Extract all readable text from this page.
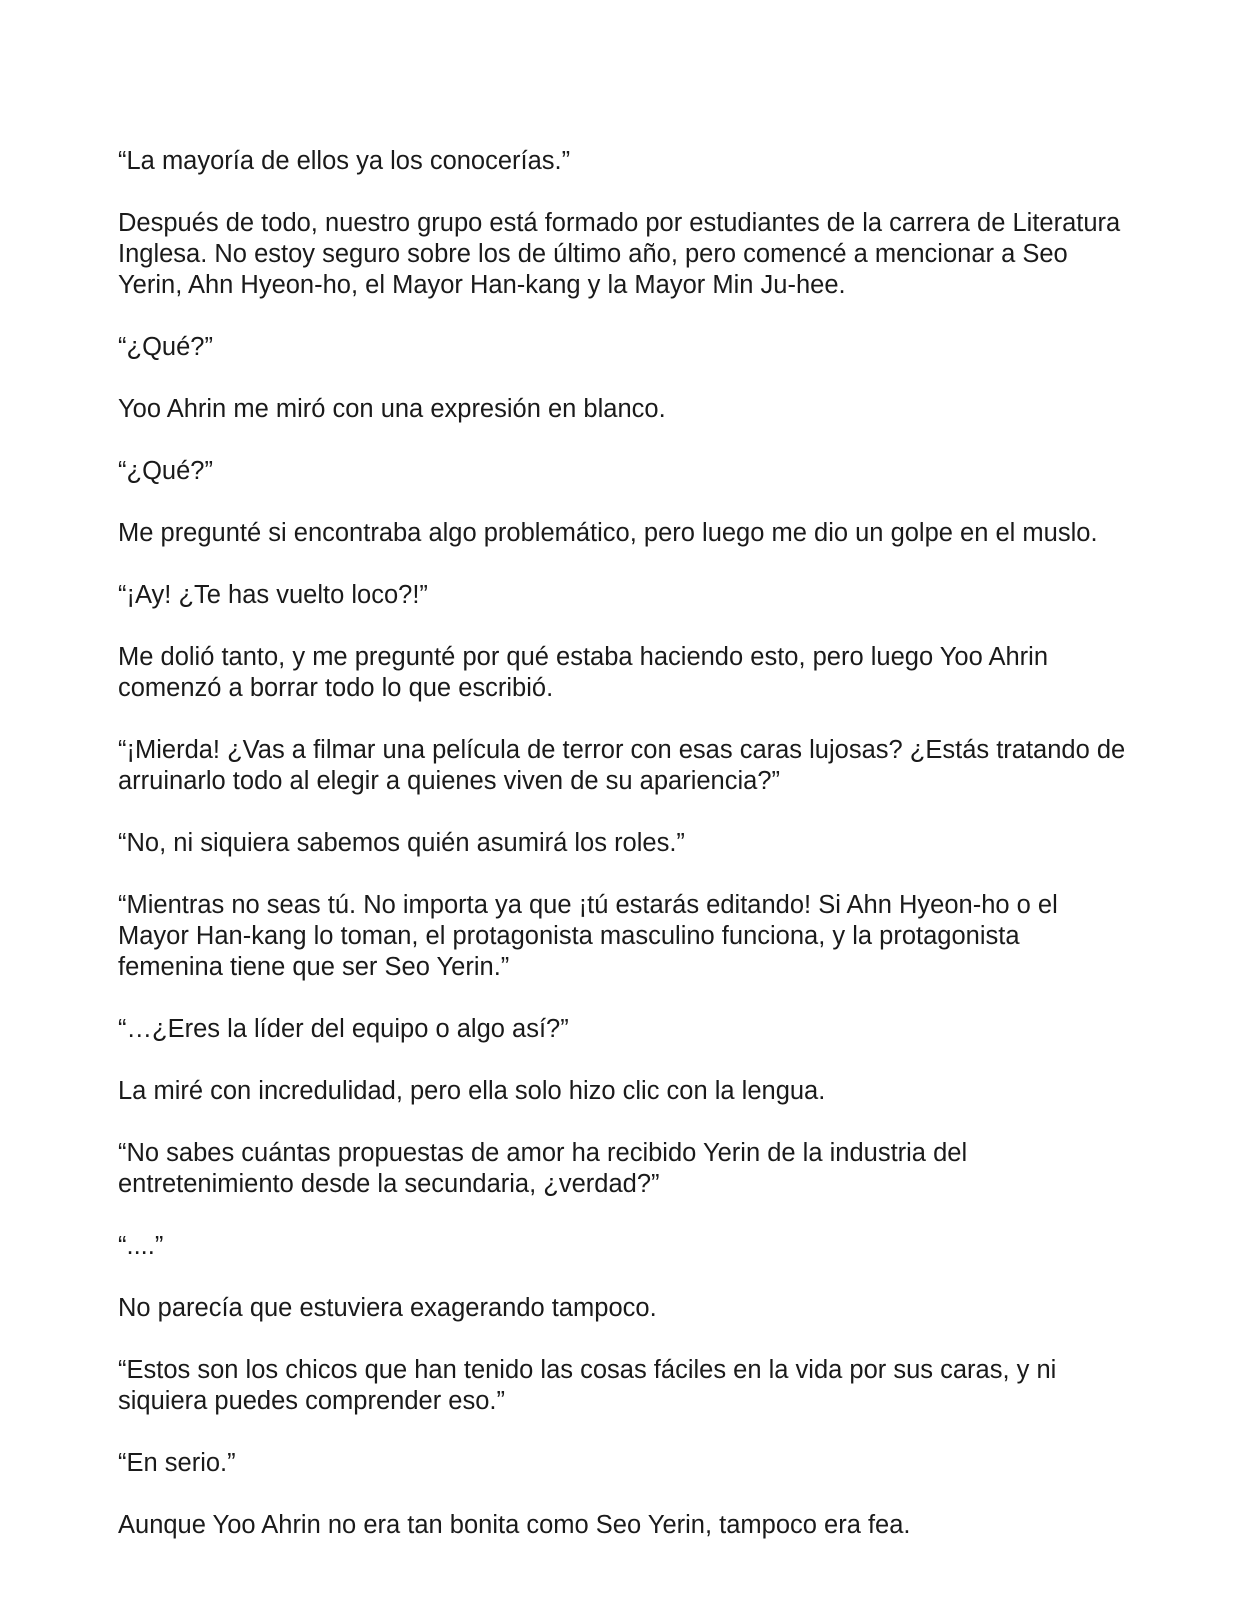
“La mayoría de ellos ya los conocerías.”

Después de todo, nuestro grupo está formado por estudiantes de la carrera de Literatura Inglesa. No estoy seguro sobre los de último año, pero comencé a mencionar a Seo Yerin, Ahn Hyeon-ho, el Mayor Han-kang y la Mayor Min Ju-hee.

“¿Qué?”

Yoo Ahrin me miró con una expresión en blanco.

“¿Qué?”

Me pregunté si encontraba algo problemático, pero luego me dio un golpe en el muslo.

“¡Ay! ¿Te has vuelto loco?!”

Me dolió tanto, y me pregunté por qué estaba haciendo esto, pero luego Yoo Ahrin comenzó a borrar todo lo que escribió.

“¡Mierda! ¿Vas a filmar una película de terror con esas caras lujosas? ¿Estás tratando de arruinarlo todo al elegir a quienes viven de su apariencia?”

“No, ni siquiera sabemos quién asumirá los roles.”

“Mientras no seas tú. No importa ya que ¡tú estarás editando! Si Ahn Hyeon-ho o el Mayor Han-kang lo toman, el protagonista masculino funciona, y la protagonista femenina tiene que ser Seo Yerin.”

“…¿Eres la líder del equipo o algo así?”

La miré con incredulidad, pero ella solo hizo clic con la lengua.

“No sabes cuántas propuestas de amor ha recibido Yerin de la industria del entretenimiento desde la secundaria, ¿verdad?”

“....”

No parecía que estuviera exagerando tampoco.

“Estos son los chicos que han tenido las cosas fáciles en la vida por sus caras, y ni siquiera puedes comprender eso.”

“En serio.”

Aunque Yoo Ahrin no era tan bonita como Seo Yerin, tampoco era fea.
